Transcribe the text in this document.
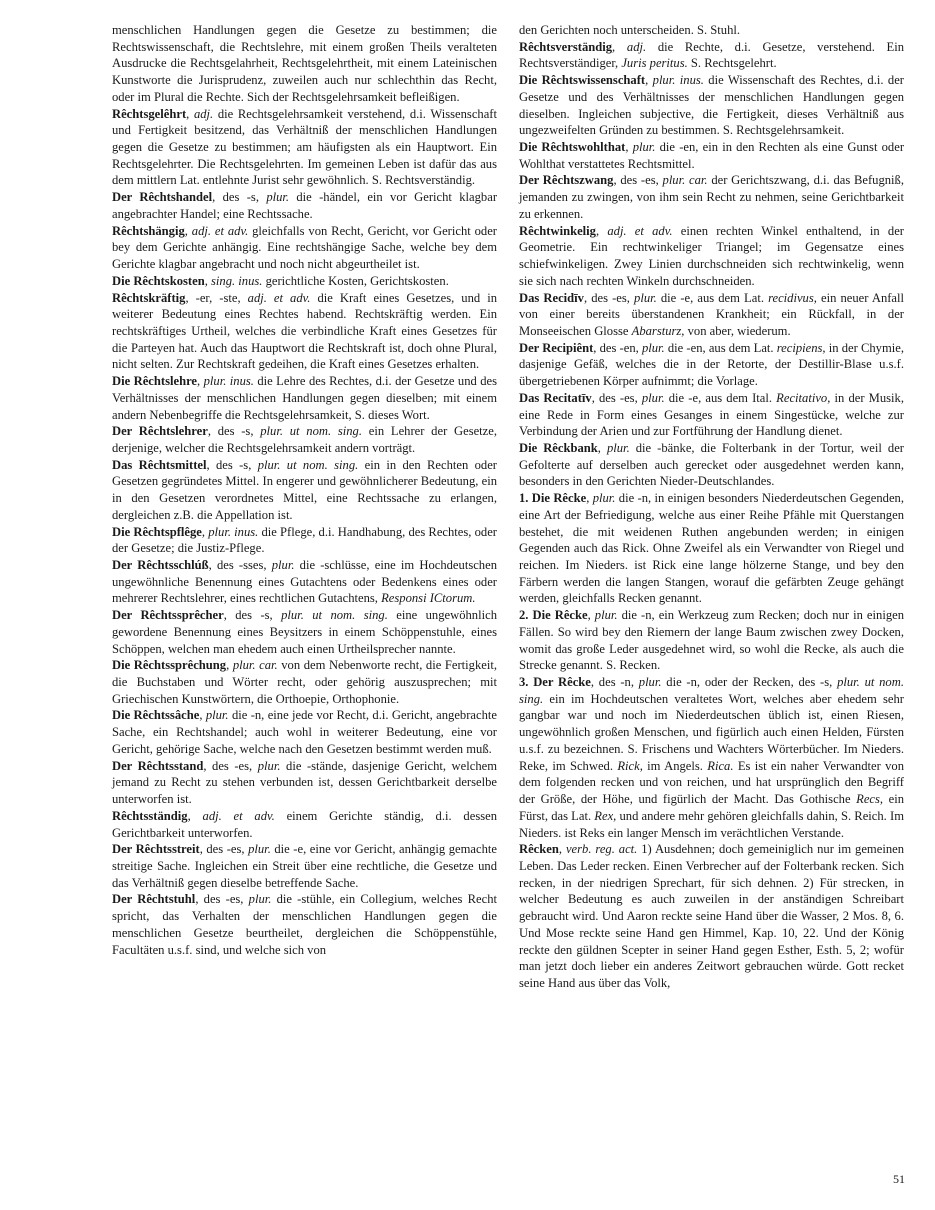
menschlichen Handlungen gegen die Gesetze zu bestimmen; die Rechtswissenschaft, die Rechtslehre, mit einem großen Theils veralteten Ausdrucke die Rechtsgelahrheit, Rechtsgelehrtheit, mit einem Lateinischen Kunstworte die Jurisprudenz, zuweilen auch nur schlechthin das Recht, oder im Plural die Rechte. Sich der Rechtsgelehrsamkeit befleißigen.

Rêchtsgelêhrt, adj. die Rechtsgelehrsamkeit verstehend, d.i. Wissenschaft und Fertigkeit besitzend, das Verhältniß der menschlichen Handlungen gegen die Gesetze zu bestimmen; am häufigsten als ein Hauptwort. Ein Rechtsgelehrter. Die Rechtsgelehrten. Im gemeinen Leben ist dafür das aus dem mittlern Lat. entlehnte Jurist sehr gewöhnlich. S. Rechtsverständig.

Der Rêchtshandel, des -s, plur. die -händel, ein vor Gericht klagbar angebrachter Handel; eine Rechtssache.

Rêchtshängig, adj. et adv. gleichfalls von Recht, Gericht, vor Gericht oder bey dem Gerichte anhängig. Eine rechtshängige Sache, welche bey dem Gerichte klagbar angebracht und noch nicht abgeurtheilet ist.

Die Rêchtskosten, sing. inus. gerichtliche Kosten, Gerichtskosten.

Rêchtskräftig, -er, -ste, adj. et adv. die Kraft eines Gesetzes, und in weiterer Bedeutung eines Rechtes habend. Rechtskräftig werden. Ein rechtskräftiges Urtheil, welches die verbindliche Kraft eines Gesetzes für die Parteyen hat. Auch das Hauptwort die Rechtskraft ist, doch ohne Plural, nicht selten. Zur Rechtskraft gedeihen, die Kraft eines Gesetzes erhalten.

Die Rêchtslehre, plur. inus. die Lehre des Rechtes, d.i. der Gesetze und des Verhältnisses der menschlichen Handlungen gegen dieselben; mit einem andern Nebenbegriffe die Rechtsgelehrsamkeit, S. dieses Wort.

Der Rêchtslehrer, des -s, plur. ut nom. sing. ein Lehrer der Gesetze, derjenige, welcher die Rechtsgelehrsamkeit andern vorträgt.

Das Rêchtsmittel, des -s, plur. ut nom. sing. ein in den Rechten oder Gesetzen gegründetes Mittel. In engerer und gewöhnlicherer Bedeutung, ein in den Gesetzen verordnetes Mittel, eine Rechtssache zu erlangen, dergleichen z.B. die Appellation ist.

Die Rêchtspflêge, plur. inus. die Pflege, d.i. Handhabung, des Rechtes, oder der Gesetze; die Justiz-Pflege.

Der Rêchtsschlúß, des -sses, plur. die -schlüsse, eine im Hochdeutschen ungewöhnliche Benennung eines Gutachtens oder Bedenkens eines oder mehrerer Rechtslehrer, eines rechtlichen Gutachtens, Responsi ICtorum.

Der Rêchtssprêcher, des -s, plur. ut nom. sing. eine ungewöhnlich gewordene Benennung eines Beysitzers in einem Schöppenstuhle, eines Schöppen, welchen man ehedem auch einen Urtheilsprecher nannte.

Die Rêchtssprêchung, plur. car. von dem Nebenworte recht, die Fertigkeit, die Buchstaben und Wörter recht, oder gehörig auszusprechen; mit Griechischen Kunstwörtern, die Orthoepie, Orthophonie.

Die Rêchtssâche, plur. die -n, eine jede vor Recht, d.i. Gericht, angebrachte Sache, ein Rechtshandel; auch wohl in weiterer Bedeutung, eine vor Gericht, gehörige Sache, welche nach den Gesetzen bestimmt werden muß.

Der Rêchtsstand, des -es, plur. die -stände, dasjenige Gericht, welchem jemand zu Recht zu stehen verbunden ist, dessen Gerichtbarkeit derselbe unterworfen ist.

Rêchtsständig, adj. et adv. einem Gerichte ständig, d.i. dessen Gerichtbarkeit unterworfen.

Der Rêchtsstreit, des -es, plur. die -e, eine vor Gericht, anhängig gemachte streitige Sache. Ingleichen ein Streit über eine rechtliche, die Gesetze und das Verhältniß gegen dieselbe betreffende Sache.

Der Rêchtstuhl, des -es, plur. die -stühle, ein Collegium, welches Recht spricht, das Verhalten der menschlichen Handlungen gegen die menschlichen Gesetze beurtheilet, dergleichen die Schöppenstühle, Facultäten u.s.f. sind, und welche sich von

den Gerichten noch unterscheiden. S. Stuhl.

Rêchtsverständig, adj. die Rechte, d.i. Gesetze, verstehend. Ein Rechtsverständiger, Juris peritus. S. Rechtsgelehrt.

Die Rêchtswissenschaft, plur. inus. die Wissenschaft des Rechtes, d.i. der Gesetze und des Verhältnisses der menschlichen Handlungen gegen dieselben. Ingleichen subjective, die Fertigkeit, dieses Verhältniß aus ungezweifelten Gründen zu bestimmen. S. Rechtsgelehrsamkeit.

Die Rêchtswohlthat, plur. die -en, ein in den Rechten als eine Gunst oder Wohlthat verstattetes Rechtsmittel.

Der Rêchtszwang, des -es, plur. car. der Gerichtszwang, d.i. das Befugniß, jemanden zu zwingen, von ihm sein Recht zu nehmen, seine Gerichtbarkeit zu erkennen.

Rêchtwinkelig, adj. et adv. einen rechten Winkel enthaltend, in der Geometrie. Ein rechtwinkeliger Triangel; im Gegensatze eines schiefwinkeligen. Zwey Linien durchschneiden sich rechtwinkelig, wenn sie sich nach rechten Winkeln durchschneiden.

Das Recidīv, des -es, plur. die -e, aus dem Lat. recidivus, ein neuer Anfall von einer bereits überstandenen Krankheit; ein Rückfall, in der Monseeischen Glosse Abarsturz, von aber, wiederum.

Der Recipiênt, des -en, plur. die -en, aus dem Lat. recipiens, in der Chymie, dasjenige Gefäß, welches die in der Retorte, der Destillir-Blase u.s.f. übergetriebenen Körper aufnimmt; die Vorlage.

Das Recitatīv, des -es, plur. die -e, aus dem Ital. Recitativo, in der Musik, eine Rede in Form eines Gesanges in einem Singestücke, welche zur Verbindung der Arien und zur Fortführung der Handlung dienet.

Die Rêckbank, plur. die -bänke, die Folterbank in der Tortur, weil der Gefolterte auf derselben auch gerecket oder ausgedehnet werden kann, besonders in den Gerichten Nieder-Deutschlandes.

1. Die Rêcke, plur. die -n, in einigen besonders Niederdeutschen Gegenden, eine Art der Befriedigung, welche aus einer Reihe Pfähle mit Querstangen bestehet, die mit weidenen Ruthen angebunden werden; in einigen Gegenden auch das Rick. Ohne Zweifel als ein Verwandter von Riegel und reichen. Im Nieders. ist Rick eine lange hölzerne Stange, und bey den Färbern werden die langen Stangen, worauf die gefärbten Zeuge gehängt werden, gleichfalls Recken genannt.

2. Die Rêcke, plur. die -n, ein Werkzeug zum Recken; doch nur in einigen Fällen. So wird bey den Riemern der lange Baum zwischen zwey Docken, womit das große Leder ausgedehnet wird, so wohl die Recke, als auch die Strecke genannt. S. Recken.

3. Der Rêcke, des -n, plur. die -n, oder der Recken, des -s, plur. ut nom. sing. ein im Hochdeutschen veraltetes Wort, welches aber ehedem sehr gangbar war und noch im Niederdeutschen üblich ist, einen Riesen, ungewöhnlich großen Menschen, und figürlich auch einen Helden, Fürsten u.s.f. zu bezeichnen. S. Frischens und Wachters Wörterbücher. Im Nieders. Reke, im Schwed. Rick, im Angels. Rica. Es ist ein naher Verwandter von dem folgenden recken und von reichen, und hat ursprünglich den Begriff der Größe, der Höhe, und figürlich der Macht. Das Gothische Recs, ein Fürst, das Lat. Rex, und andere mehr gehören gleichfalls dahin, S. Reich. Im Nieders. ist Reks ein langer Mensch im verächtlichen Verstande.

Rêcken, verb. reg. act. 1) Ausdehnen; doch gemeiniglich nur im gemeinen Leben. Das Leder recken. Einen Verbrecher auf der Folterbank recken. Sich recken, in der niedrigen Sprechart, für sich dehnen. 2) Für strecken, in welcher Bedeutung es auch zuweilen in der anständigen Schreibart gebraucht wird. Und Aaron reckte seine Hand über die Wasser, 2 Mos. 8, 6. Und Mose reckte seine Hand gen Himmel, Kap. 10, 22. Und der König reckte den güldnen Scepter in seiner Hand gegen Esther, Esth. 5, 2; wofür man jetzt doch lieber ein anderes Zeitwort gebrauchen würde. Gott recket seine Hand aus über das Volk,

51
